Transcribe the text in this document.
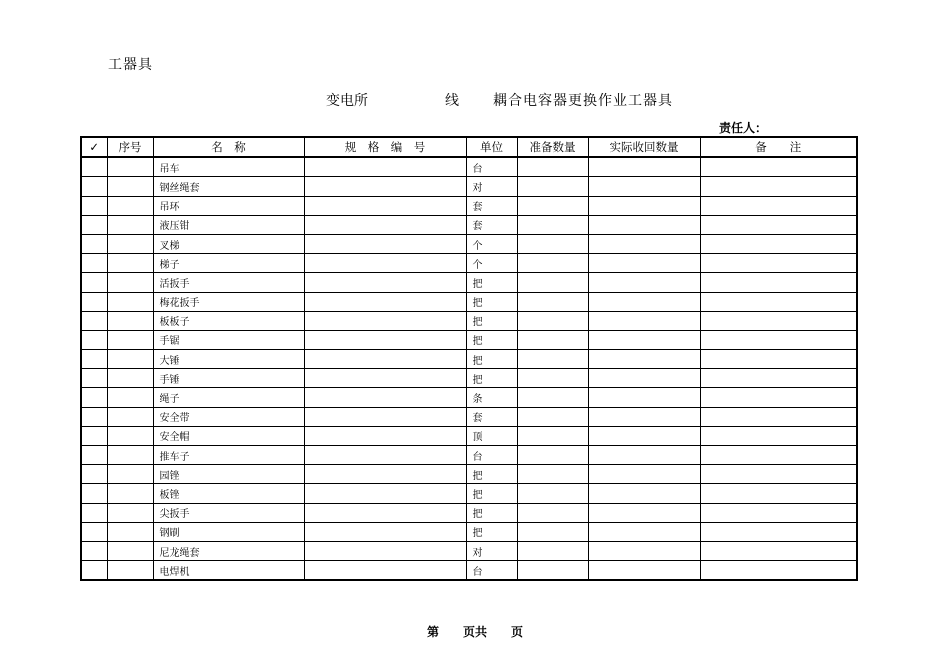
工器具
变电所	线 耦合电容器更换作业工器具
责任人：
✓	序号	名　称	规　格　编　号	单位	准备数量	实际收回数量	备　　注
		吊车		台			
		钢丝绳套		对			
		吊环		套			
		液压钳		套			
		叉梯		个			
		梯子		个			
		活扳手		把			
		梅花扳手		把			
		板板子		把			
		手锯		把			
		大锤		把			
		手锤		把			
		绳子		条			
		安全带		套			
		安全帽		顶			
		推车子		台			
		园锉		把			
		板锉		把			
		尖扳手		把			
		钢刷		把			
		尼龙绳套		对			
		电焊机		台			
第　　页共　　页
